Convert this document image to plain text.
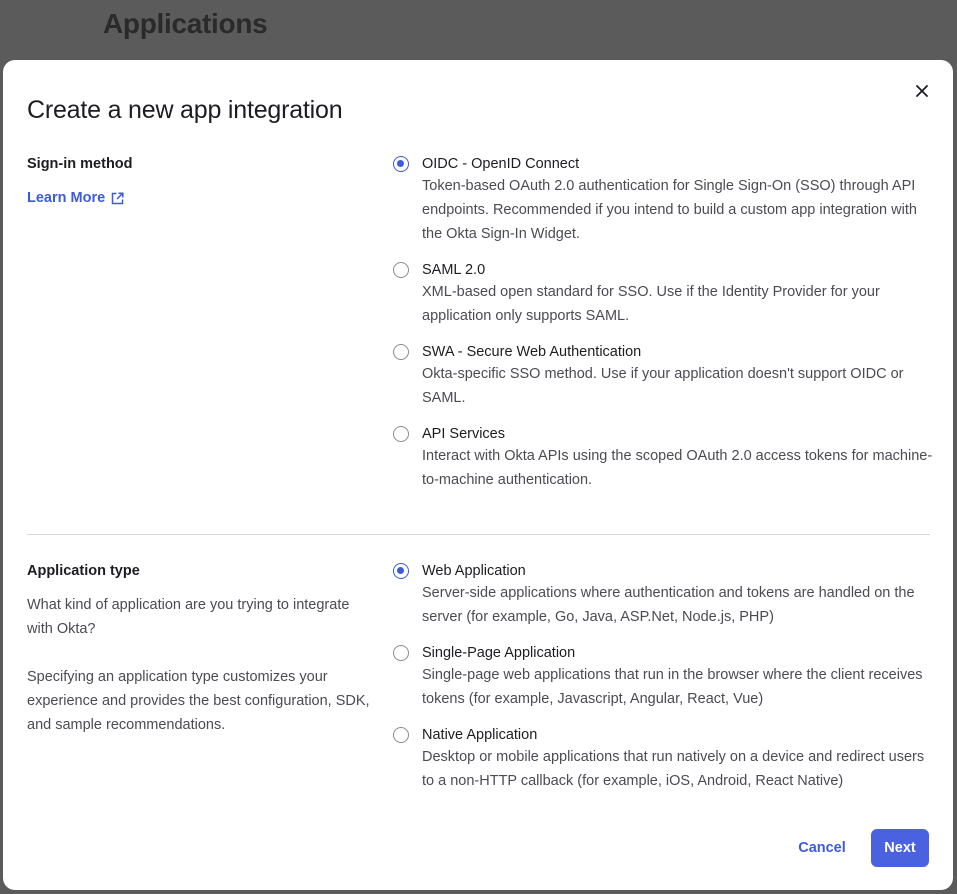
Applications
Create a new app integration
Sign-in method
Learn More
OIDC - OpenID Connect
Token-based OAuth 2.0 authentication for Single Sign-On (SSO) through API endpoints. Recommended if you intend to build a custom app integration with the Okta Sign-In Widget.
SAML 2.0
XML-based open standard for SSO. Use if the Identity Provider for your application only supports SAML.
SWA - Secure Web Authentication
Okta-specific SSO method. Use if your application doesn't support OIDC or SAML.
API Services
Interact with Okta APIs using the scoped OAuth 2.0 access tokens for machine-to-machine authentication.
Application type
What kind of application are you trying to integrate with Okta?
Specifying an application type customizes your experience and provides the best configuration, SDK, and sample recommendations.
Web Application
Server-side applications where authentication and tokens are handled on the server (for example, Go, Java, ASP.Net, Node.js, PHP)
Single-Page Application
Single-page web applications that run in the browser where the client receives tokens (for example, Javascript, Angular, React, Vue)
Native Application
Desktop or mobile applications that run natively on a device and redirect users to a non-HTTP callback (for example, iOS, Android, React Native)
Cancel	Next
